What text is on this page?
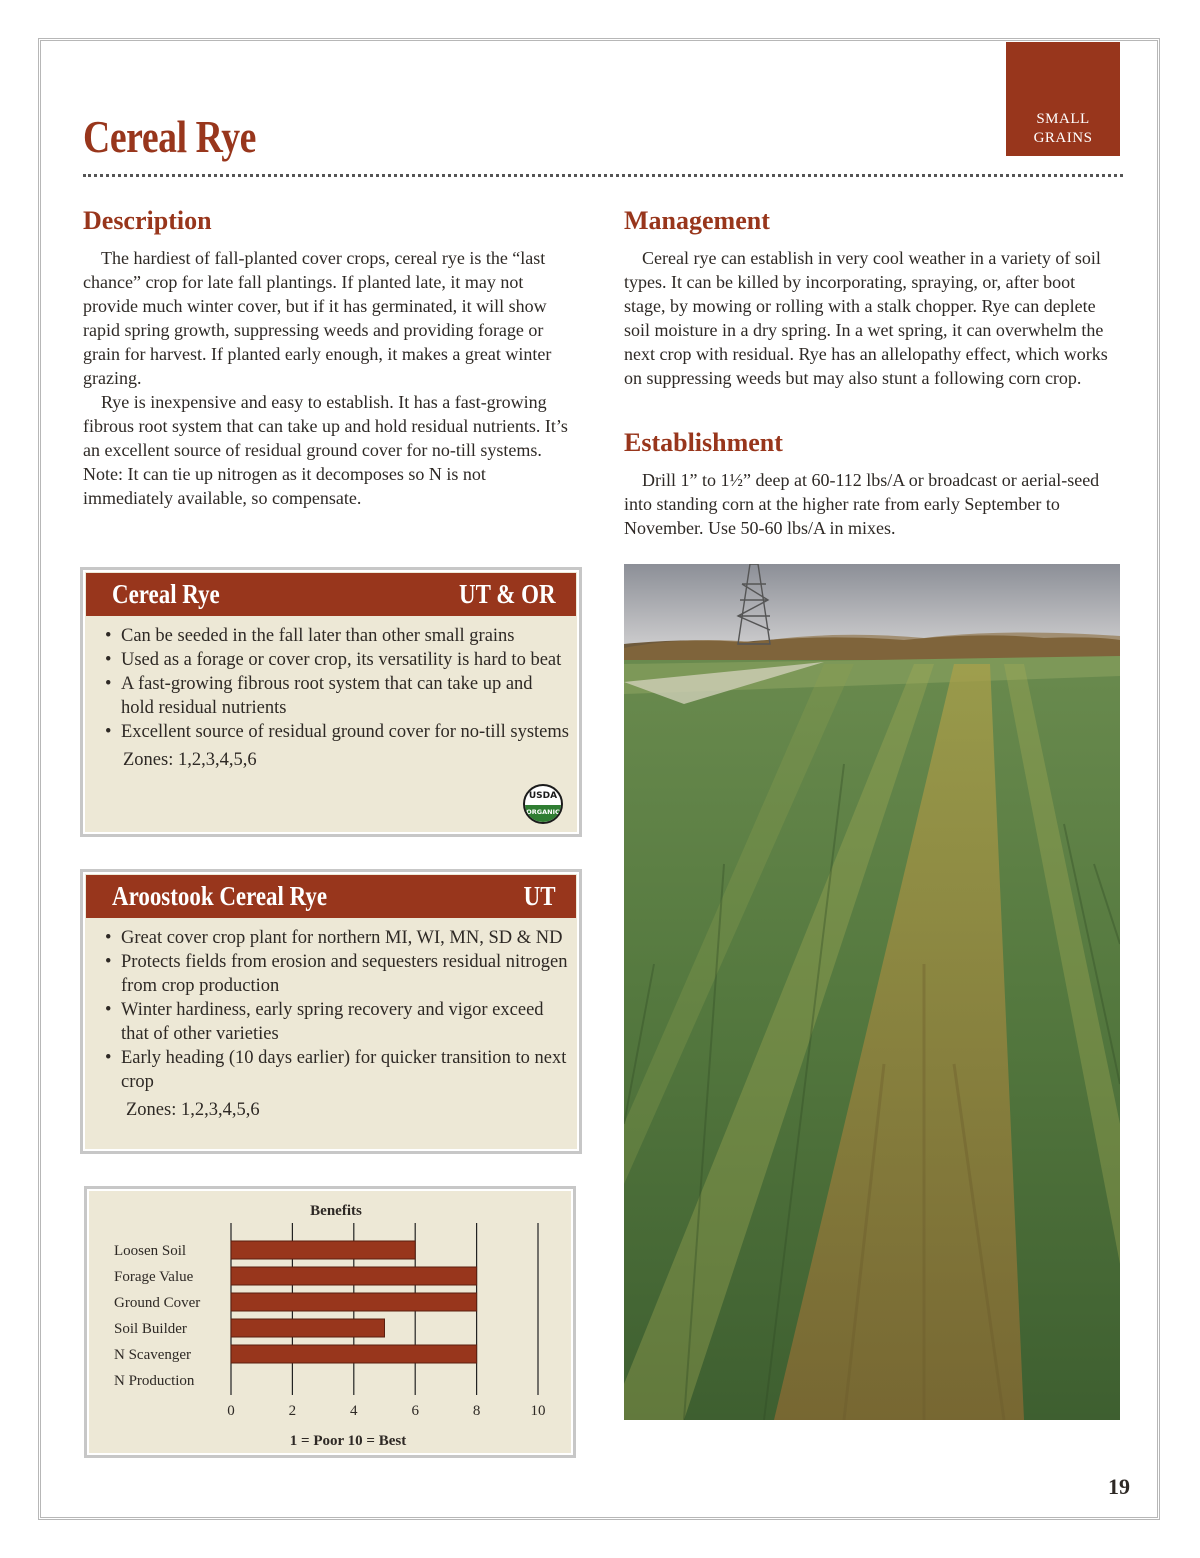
SMALL
GRAINS
Cereal Rye
Description

The hardiest of fall-planted cover crops, cereal rye is the “last chance” crop for late fall plantings. If planted late, it may not provide much winter cover, but if it has germinated, it will show rapid spring growth, suppressing weeds and providing forage or grain for harvest. If planted early enough, it makes a great winter grazing.

Rye is inexpensive and easy to establish. It has a fast-growing fibrous root system that can take up and hold residual nutrients. It’s an excellent source of residual ground cover for no-till systems. Note: It can tie up nitrogen as it decomposes so N is not immediately available, so compensate.

Management

Cereal rye can establish in very cool weather in a variety of soil types. It can be killed by incorporating, spraying, or, after boot stage, by mowing or rolling with a stalk chopper. Rye can deplete soil moisture in a dry spring. In a wet spring, it can overwhelm the next crop with residual. Rye has an allelopathy effect, which works on suppressing weeds but may also stunt a following corn crop.

Establishment

Drill 1” to 1½” deep at 60-112 lbs/A or broadcast or aerial-seed into standing corn at the higher rate from early September to November. Use 50-60 lbs/A in mixes.

Cereal Rye	UT & OR
• Can be seeded in the fall later than other small grains
• Used as a forage or cover crop, its versatility is hard to beat
• A fast-growing fibrous root system that can take up and hold residual nutrients
• Excellent source of residual ground cover for no-till systems
Zones: 1,2,3,4,5,6
USDA
ORGANIC
Aroostook Cereal Rye	UT
• Great cover crop plant for northern MI, WI, MN, SD & ND
• Protects fields from erosion and sequesters residual nitrogen from crop production
• Winter hardiness, early spring recovery and vigor exceed that of other varieties
• Early heading (10 days earlier) for quicker transition to next crop
Zones: 1,2,3,4,5,6
Benefits
0	2	4	6	8	10
Loosen Soil
Forage Value
Ground Cover
Soil Builder
N Scavenger
N Production
1 = Poor 10 = Best
19
